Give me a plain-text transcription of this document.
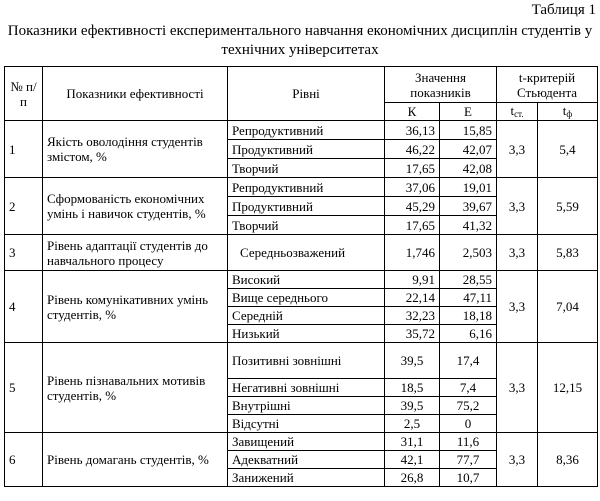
Таблиця 1
Показники ефективності експериментального навчання економічних дисциплін студентів у технічних університетах
№ п/п	Показники ефективності	Рівні	Значення показників		t-критерій Стьюдента	
			К	Е	tст.	tф
1	Якість оволодіння студентів змістом, %	Репродуктивний	36,13	15,85	3,3	5,4
		Продуктивний	46,22	42,07		
		Творчий	17,65	42,08		
2	Сформованість економічних умінь і навичок студентів, %	Репродуктивний	37,06	19,01	3,3	5,59
		Продуктивний	45,29	39,67		
		Творчий	17,65	41,32		
3	Рівень адаптації студентів до навчального процесу	Середньозважений	1,746	2,503	3,3	5,83
4	Рівень комунікативних умінь студентів, %	Високий	9,91	28,55	3,3	7,04
		Вище середнього	22,14	47,11		
		Середній	32,23	18,18		
		Низький	35,72	6,16		
5	Рівень пізнавальних мотивів студентів, %	Позитивні зовнішні	39,5	17,4	3,3	12,15
		Негативні зовнішні	18,5	7,4		
		Внутрішні	39,5	75,2		
		Відсутні	2,5	0		
6	Рівень домагань студентів, %	Завищений	31,1	11,6	3,3	8,36
		Адекватний	42,1	77,7		
		Занижений	26,8	10,7		
